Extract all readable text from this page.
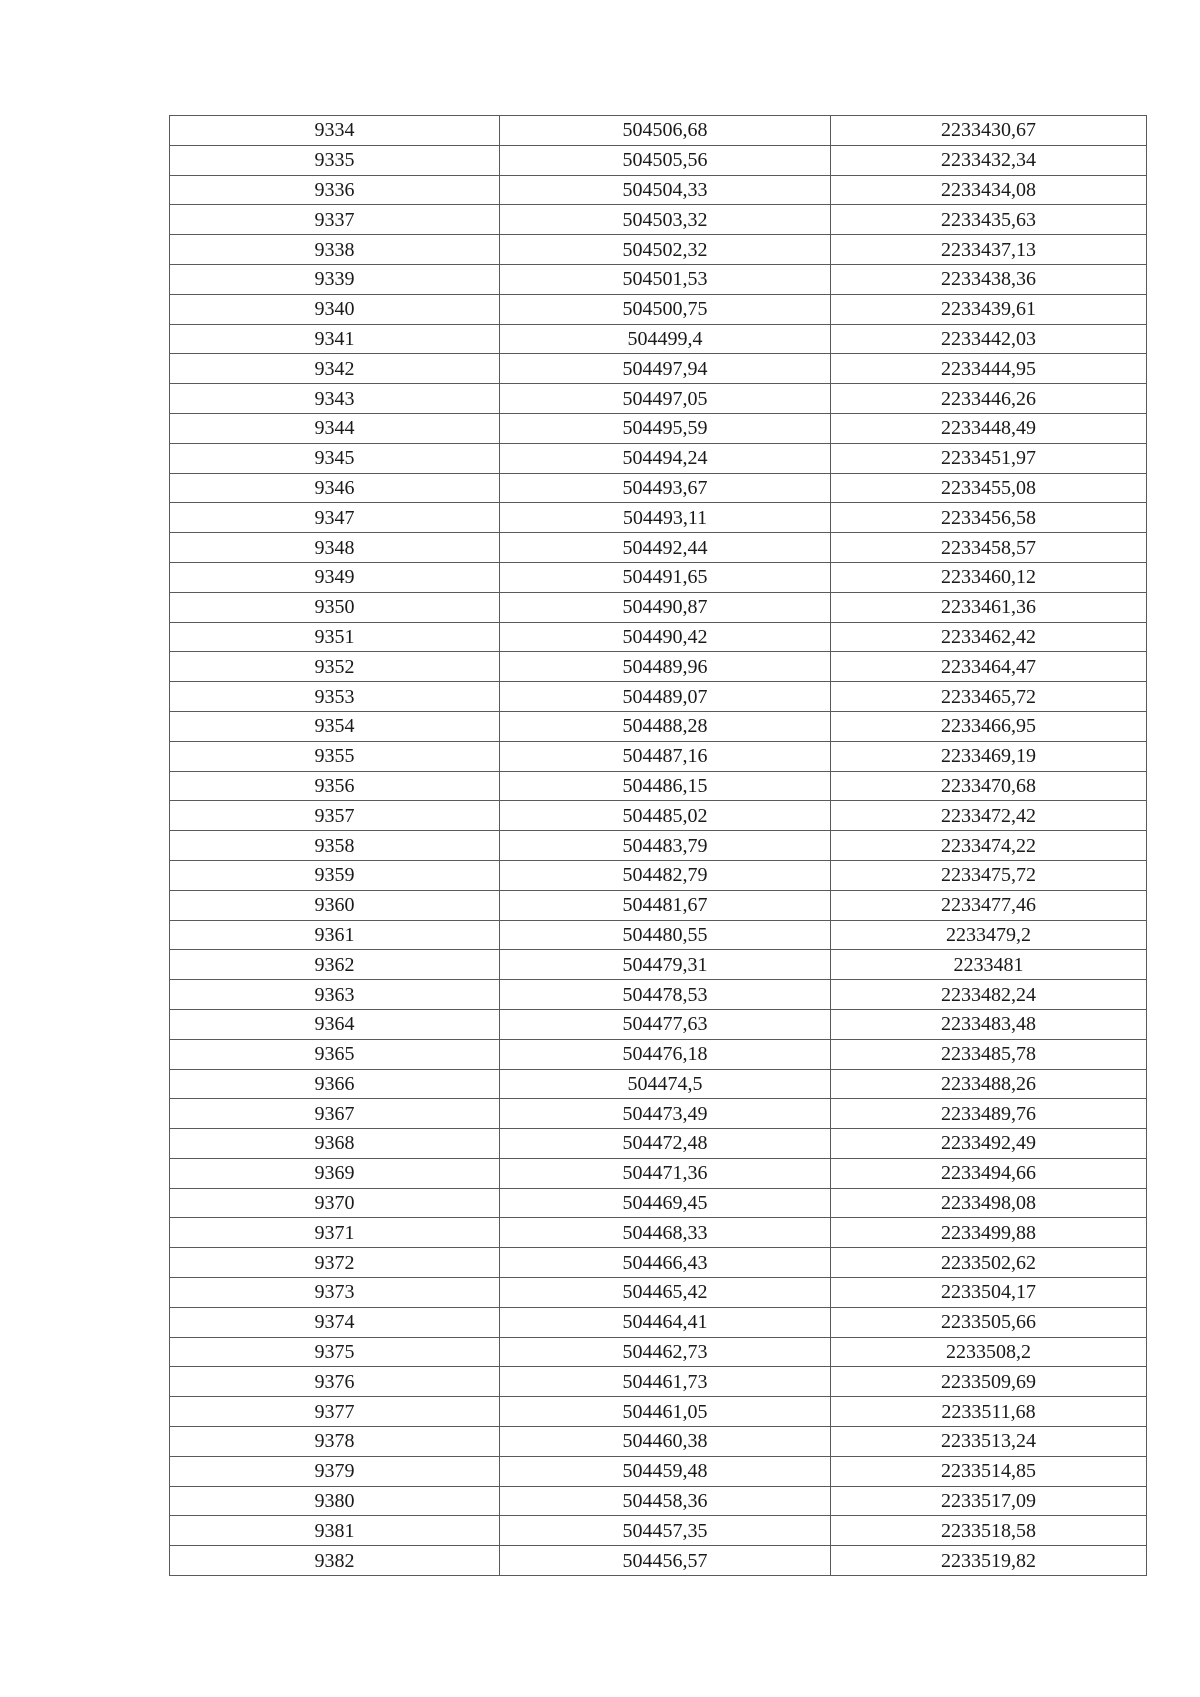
9334	504506,68	2233430,67
9335	504505,56	2233432,34
9336	504504,33	2233434,08
9337	504503,32	2233435,63
9338	504502,32	2233437,13
9339	504501,53	2233438,36
9340	504500,75	2233439,61
9341	504499,4	2233442,03
9342	504497,94	2233444,95
9343	504497,05	2233446,26
9344	504495,59	2233448,49
9345	504494,24	2233451,97
9346	504493,67	2233455,08
9347	504493,11	2233456,58
9348	504492,44	2233458,57
9349	504491,65	2233460,12
9350	504490,87	2233461,36
9351	504490,42	2233462,42
9352	504489,96	2233464,47
9353	504489,07	2233465,72
9354	504488,28	2233466,95
9355	504487,16	2233469,19
9356	504486,15	2233470,68
9357	504485,02	2233472,42
9358	504483,79	2233474,22
9359	504482,79	2233475,72
9360	504481,67	2233477,46
9361	504480,55	2233479,2
9362	504479,31	2233481
9363	504478,53	2233482,24
9364	504477,63	2233483,48
9365	504476,18	2233485,78
9366	504474,5	2233488,26
9367	504473,49	2233489,76
9368	504472,48	2233492,49
9369	504471,36	2233494,66
9370	504469,45	2233498,08
9371	504468,33	2233499,88
9372	504466,43	2233502,62
9373	504465,42	2233504,17
9374	504464,41	2233505,66
9375	504462,73	2233508,2
9376	504461,73	2233509,69
9377	504461,05	2233511,68
9378	504460,38	2233513,24
9379	504459,48	2233514,85
9380	504458,36	2233517,09
9381	504457,35	2233518,58
9382	504456,57	2233519,82
